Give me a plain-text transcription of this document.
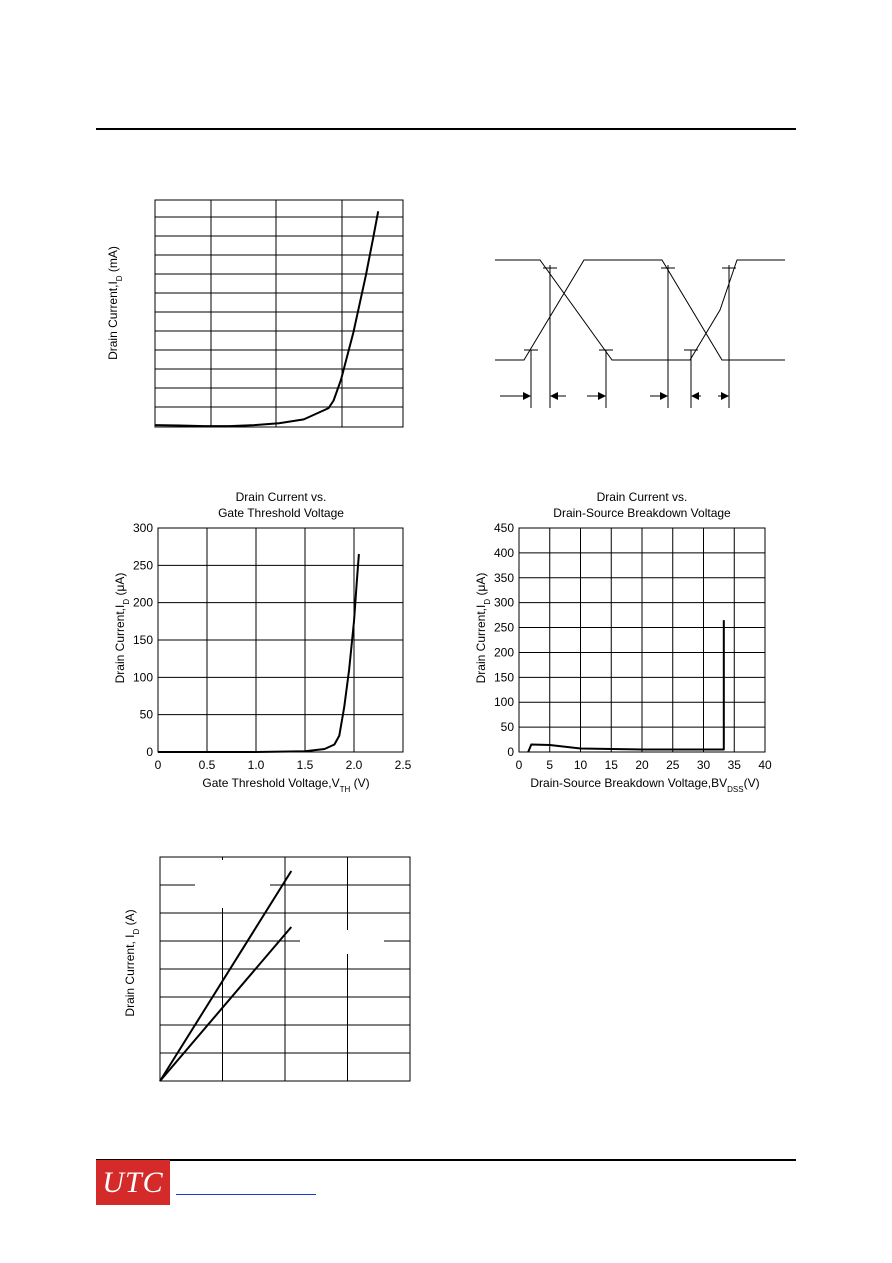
Drain $Current,I_D$ (mA)
Drain Current vs.
Gate Threshold Voltage
0	0.5	1.0	1.5	2.0	2.5
0
50
100
150
200
250
300
Gate Threshold $Voltage,V_{TH}$ (V)
Drain $Current,I_D$ (μA)
Drain Current vs.
Drain-Source Breakdown Voltage
0 5 10 15 20 25 30 35 40
0
50
100
150
200
250
300
350
400
450
Drain-Source Breakdown $Voltage,BV_{DSS}(V)$
Drain $Current,I_D$ (μA)
Drain Current, $I_D$ (A)
UTC
